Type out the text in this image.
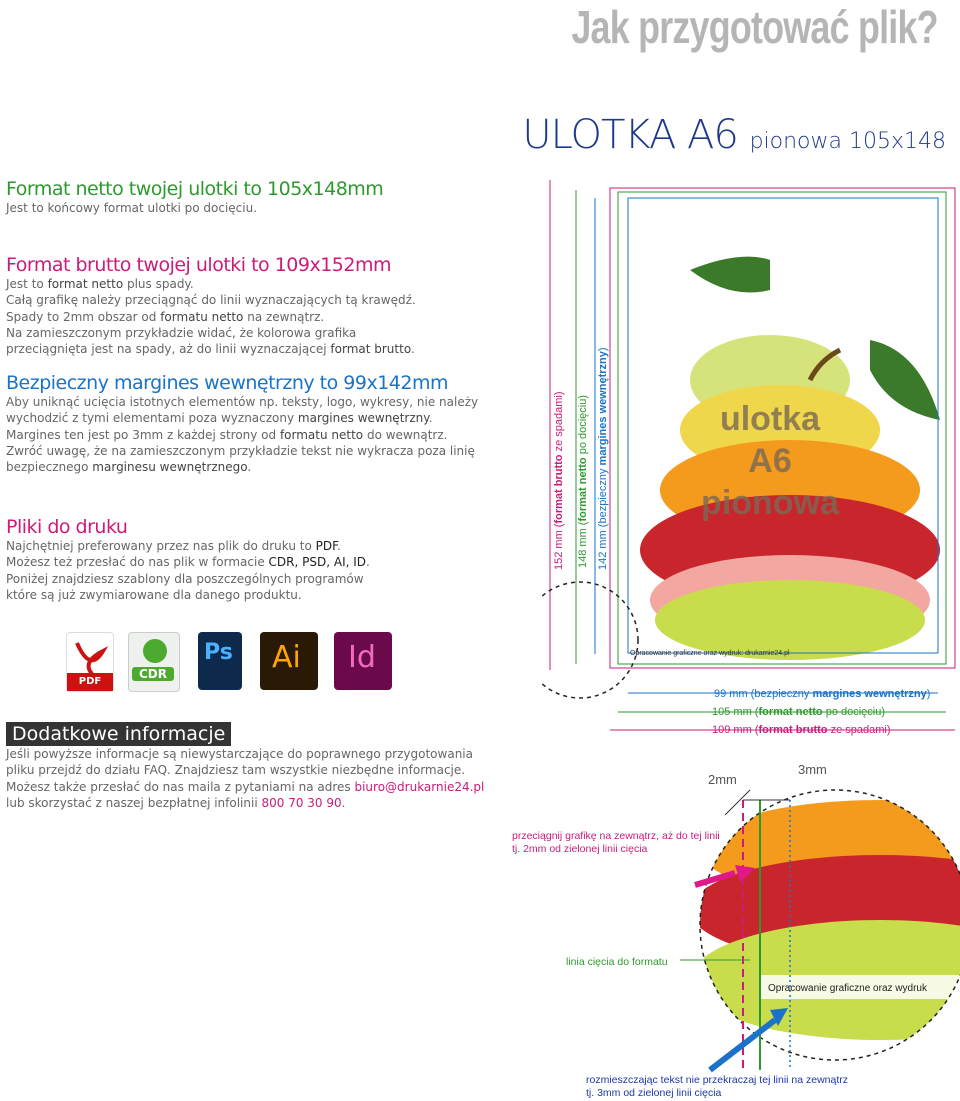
Jak przygotować plik?
ULOTKA A6 pionowa 105x148
Format netto twojej ulotki to 105x148mm
Jest to końcowy format ulotki po docięciu.
Format brutto twojej ulotki to 109x152mm
Jest to format netto plus spady.
Całą grafikę należy przeciągnąć do linii wyznaczających tą krawędź.
Spady to 2mm obszar od formatu netto na zewnątrz.
Na zamieszczonym przykładzie widać, że kolorowa grafika
przeciągnięta jest na spady, aż do linii wyznaczającej format brutto.
Bezpieczny margines wewnętrzny to 99x142mm
Aby uniknąć ucięcia istotnych elementów np. teksty, logo, wykresy, nie należy
wychodzić z tymi elementami poza wyznaczony margines wewnętrzny.
Margines ten jest po 3mm z każdej strony od formatu netto do wewnątrz.
Zwróć uwagę, że na zamieszczonym przykładzie tekst nie wykracza poza linię
bezpiecznego marginesu wewnętrznego.
Pliki do druku
Najchętniej preferowany przez nas plik do druku to PDF.
Możesz też przesłać do nas plik w formacie CDR, PSD, AI, ID.
Poniżej znajdziesz szablony dla poszczególnych programów
które są już zwymiarowane dla danego produktu.
PDF
CDR
Ps Ai Id
Dodatkowe informacje
Jeśli powyższe informacje są niewystarczające do poprawnego przygotowania
pliku przejdź do działu FAQ. Znajdziesz tam wszystkie niezbędne informacje.
Możesz także przesłać do nas maila z pytaniami na adres biuro@drukarnie24.pl
lub skorzystać z naszej bezpłatnej infolinii 800 70 30 90.
ulotka
A6
pionowa
Opracowanie graficzne oraz wydruk: drukarnie24.pl
152 mm (format brutto ze spadami)
148 mm (format netto po docięciu)
142 mm (bezpieczny margines wewnętrzny)
99 mm (bezpieczny margines wewnętrzny)
105 mm (format netto po docięciu)
109 mm (format brutto ze spadami)
2mm
3mm
przeciągnij grafikę na zewnątrz, aż do tej linii
tj. 2mm od zielonej linii cięcia
linia cięcia do formatu
Opracowanie graficzne oraz wydruk
rozmieszczając tekst nie przekraczaj tej linii na zewnątrz
tj. 3mm od zielonej linii cięcia
